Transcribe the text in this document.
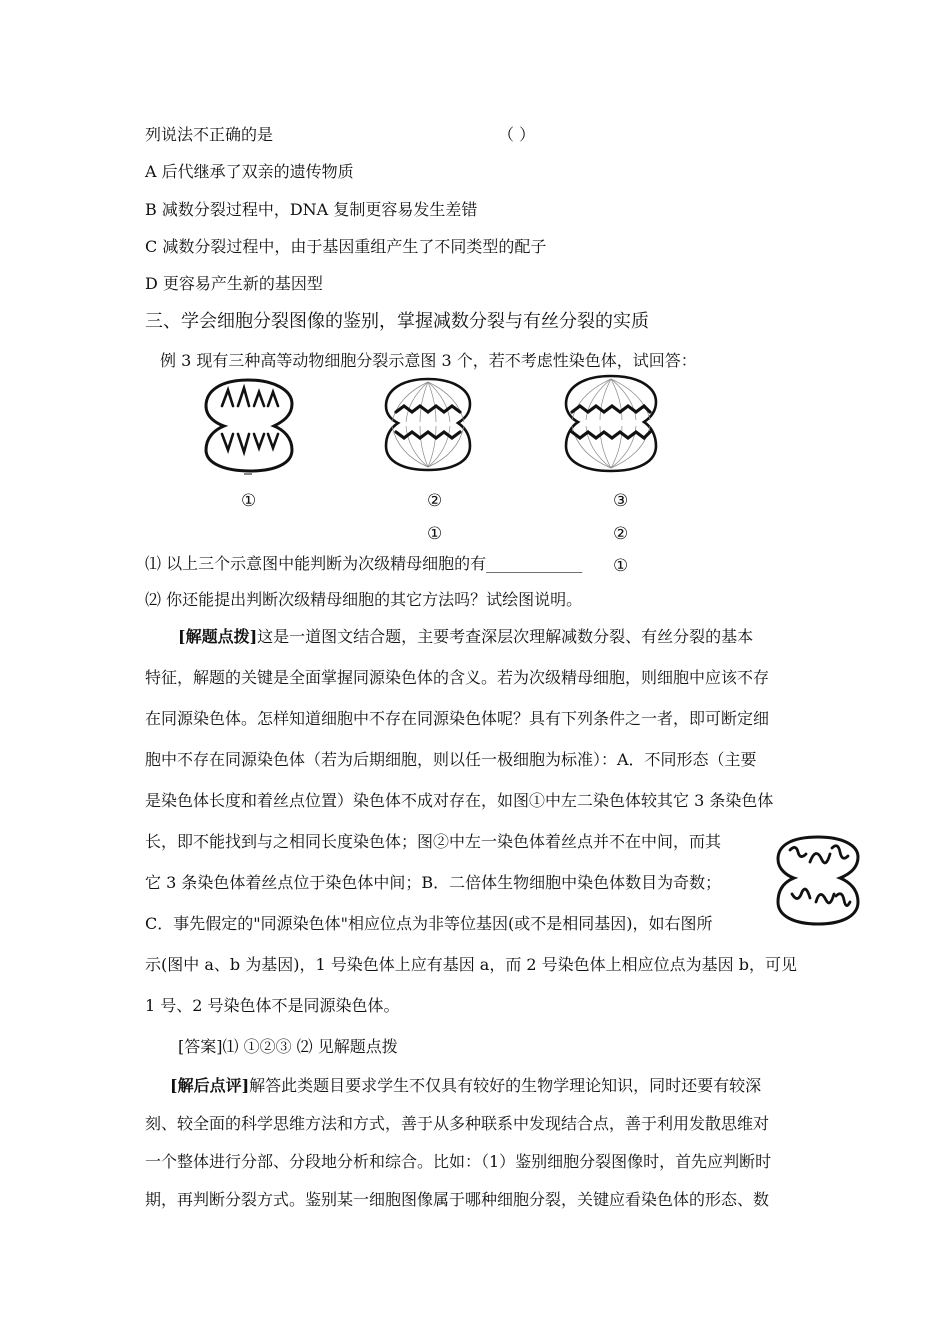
列说法不正确的是	（ ）
A 后代继承了双亲的遗传物质
B 减数分裂过程中，DNA 复制更容易发生差错
C 减数分裂过程中，由于基因重组产生了不同类型的配子
D 更容易产生新的基因型
三、学会细胞分裂图像的鉴别，掌握减数分裂与有丝分裂的实质
例 3 现有三种高等动物细胞分裂示意图 3 个，若不考虑性染色体，试回答：
①	②	③
①	②
①
⑴ 以上三个示意图中能判断为次级精母细胞的有____________
⑵ 你还能提出判断次级精母细胞的其它方法吗？试绘图说明。
[解题点拨]这是一道图文结合题，主要考查深层次理解减数分裂、有丝分裂的基本
特征，解题的关键是全面掌握同源染色体的含义。若为次级精母细胞，则细胞中应该不存
在同源染色体。怎样知道细胞中不存在同源染色体呢？具有下列条件之一者，即可断定细
胞中不存在同源染色体（若为后期细胞，则以任一极细胞为标准）：A．不同形态（主要
是染色体长度和着丝点位置）染色体不成对存在，如图①中左二染色体较其它 3 条染色体
长，即不能找到与之相同长度染色体；图②中左一染色体着丝点并不在中间，而其
它 3 条染色体着丝点位于染色体中间；B．二倍体生物细胞中染色体数目为奇数；
C．事先假定的"同源染色体"相应位点为非等位基因(或不是相同基因)，如右图所
示(图中 a、b 为基因)，1 号染色体上应有基因 a，而 2 号染色体上相应位点为基因 b，可见
1 号、2 号染色体不是同源染色体。
[答案]⑴ ①②③ ⑵ 见解题点拨
[解后点评]解答此类题目要求学生不仅具有较好的生物学理论知识，同时还要有较深
刻、较全面的科学思维方法和方式，善于从多种联系中发现结合点，善于利用发散思维对
一个整体进行分部、分段地分析和综合。比如：（1）鉴别细胞分裂图像时，首先应判断时
期，再判断分裂方式。鉴别某一细胞图像属于哪种细胞分裂，关键应看染色体的形态、数
